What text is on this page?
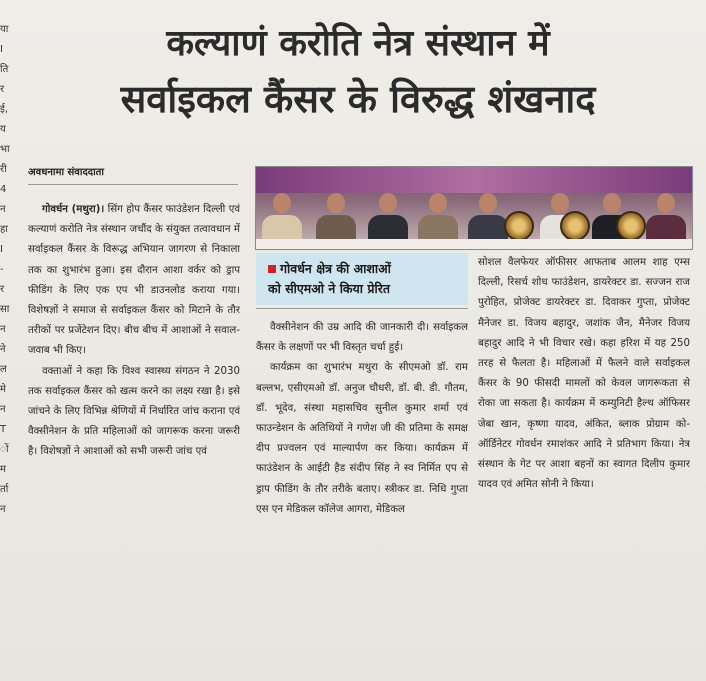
या
I
ति
र
ई,
य
भा
री
4
न
हा
I
-
र
सा
न
ने
ल
मे
न
T
ों
म
र्ता
न
कल्याणं करोति नेत्र संस्थान में
सर्वाइकल कैंसर के विरुद्ध शंखनाद
अवधनामा संवाददाता

गोवर्धन (मथुरा)। सिंग होप कैंसर फाउंडेशन दिल्ली एवं कल्याणं करोति नेत्र संस्थान जचौंद के संयुक्त तत्वावधान में सर्वाइकल कैंसर के विरूद्ध अभियान जागरण से निकाला तक का शुभारंभ हुआ। इस दौरान आशा वर्कर को ड्राप फीडिंग के लिए एक एप भी डाउनलोड कराया गया। विशेषज्ञों ने समाज से सर्वाइकल कैंसर को मिटाने के तौर तरीकों पर प्रजेंटेशन दिए। बीच बीच में आशाओं ने सवाल-जवाब भी किए।

वक्ताओं ने कहा कि विश्व स्वास्थ्य संगठन ने 2030 तक सर्वाइकल कैंसर को खत्म करने का लक्ष्य रखा है। इसे जांचने के लिए विभिन्न श्रेणियों में निर्धारित जांच कराना एवं वैक्सीनेशन के प्रति महिलाओं को जागरूक करना जरूरी है। विशेषज्ञों ने आशाओं को सभी जरूरी जांच एवं

गोवर्धन क्षेत्र की आशाओं
को सीएमओ ने किया प्रेरित

वैक्सीनेशन की उम्र आदि की जानकारी दी। सर्वाइकल कैंसर के लक्षणों पर भी विस्तृत चर्चा हुई।

कार्यक्रम का शुभारंभ मथुरा के सीएमओ डॉ. राम बल्लभ, एसीएमओ डॉ. अनुज चौधरी, डॉ. बी. डी. गौतम, डॉ. भूदेव, संस्था महासचिव सुनील कुमार शर्मा एवं फाउन्डेशन के अतिथियों ने गणेश जी की प्रतिमा के समक्ष दीप प्रज्वलन एवं माल्यार्पण कर किया। कार्यक्रम में फाउंडेशन के आईटी हैड संदीप सिंह ने स्व निर्मित एप से ड्राप फीडिंग के तौर तरीके बताए। स्त्रीकर डा. निधि गुप्ता एस एन मेडिकल कॉलेज आगरा, मेडिकल

सोशल वैलफेयर ऑफीसर आफताब आलम शाह एम्स दिल्ली, रिसर्च शोध फाउंडेशन, डायरेक्टर डा. सज्जन राज पुरोहित, प्रोजेक्ट डायरेक्टर डा. दिवाकर गुप्ता, प्रोजेक्ट मैनेजर डा. विजय बहादुर, जशांक जैन, मैनेजर विजय बहादुर आदि ने भी विचार रखे। कहा हरिश में यह 250 तरह से फैलता है। महिलाओं में फैलने वाले सर्वाइकल कैंसर के 90 फीसदी मामलों को केवल जागरूकता से रोका जा सकता है। कार्यक्रम में कम्युनिटी हैल्थ ऑफिसर जेबा खान, कृष्णा यादव, अंकित, ब्लाक प्रोग्राम को-ऑर्डिनेटर गोवर्धन रमाशंकर आदि ने प्रतिभाग किया। नेत्र संस्थान के गेट पर आशा बहनों का स्वागत दिलीप कुमार यादव एवं अमित सोनी ने किया।
